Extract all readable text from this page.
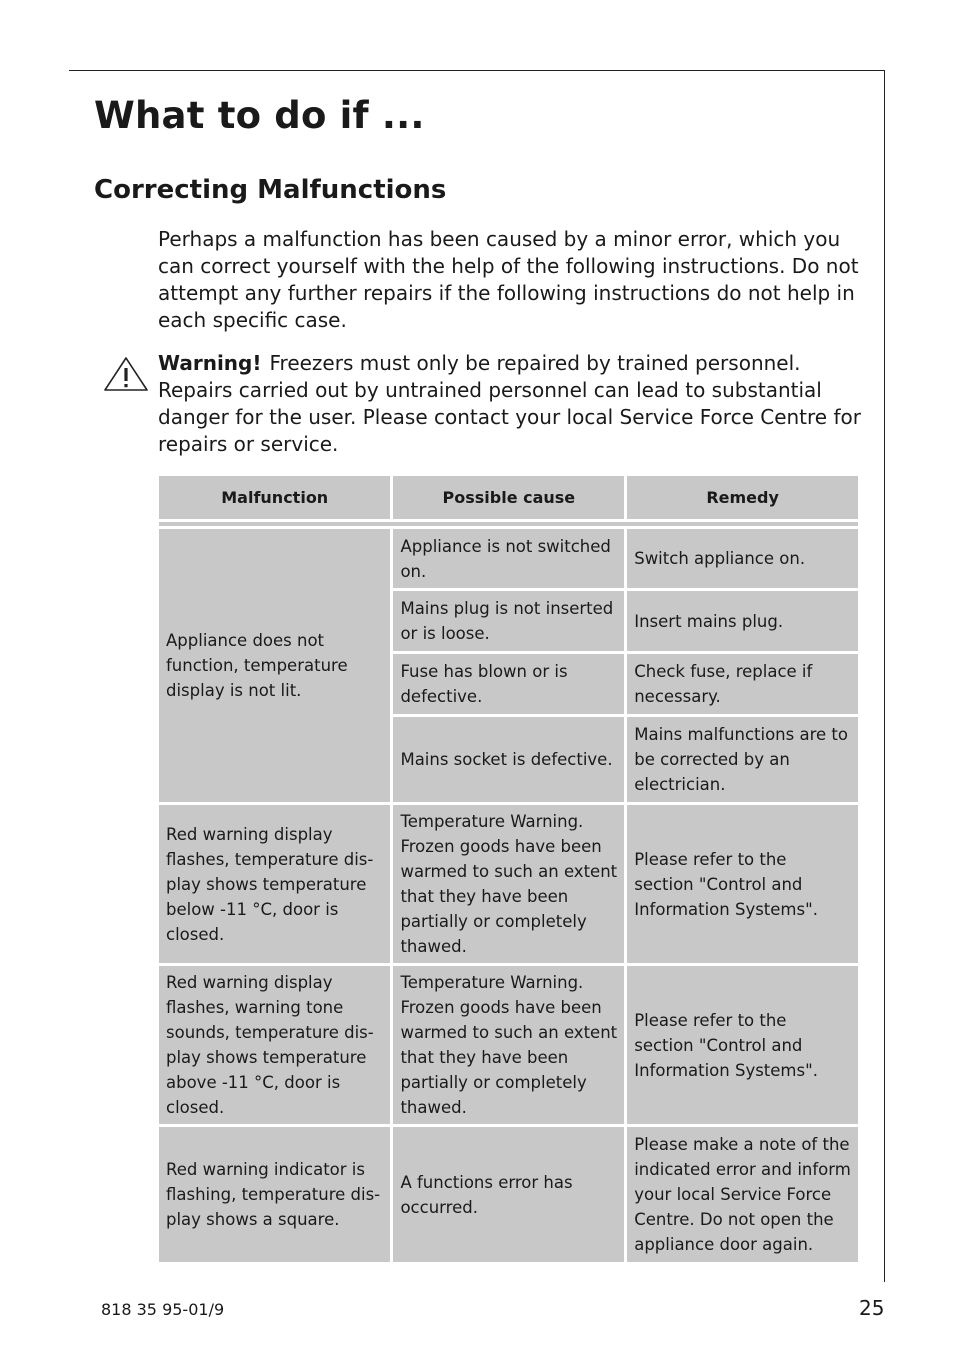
What to do if ...
Correcting Malfunctions

Perhaps a malfunction has been caused by a minor error, which you can correct yourself with the help of the following instructions. Do not attempt any further repairs if the following instructions do not help in each specific case.

Warning! Freezers must only be repaired by trained personnel. Repairs carried out by untrained personnel can lead to substantial danger for the user. Please contact your local Service Force Centre for repairs or service.

Malfunction	Possible cause	Remedy

Appliance does not function, temperature display is not lit.	Appliance is not switched on.	Switch appliance on.
	Mains plug is not inserted or is loose.	Insert mains plug.
	Fuse has blown or is defective.	Check fuse, replace if necessary.
	Mains socket is defective.	Mains malfunctions are to be corrected by an electrician.
Red warning display flashes, temperature dis-play shows temperature below -11 °C, door is closed.	Temperature Warning. Frozen goods have been warmed to such an extent that they have been partially or completely thawed.	Please refer to the section "Control and Information Systems".
Red warning display flashes, warning tone sounds, temperature dis-play shows temperature above -11 °C, door is closed.	Temperature Warning. Frozen goods have been warmed to such an extent that they have been partially or completely thawed.	Please refer to the section "Control and Information Systems".
Red warning indicator is flashing, temperature dis-play shows a square.	A functions error has occurred.	Please make a note of the indicated error and inform your local Service Force Centre. Do not open the appliance door again.
818 35 95-01/9	25
